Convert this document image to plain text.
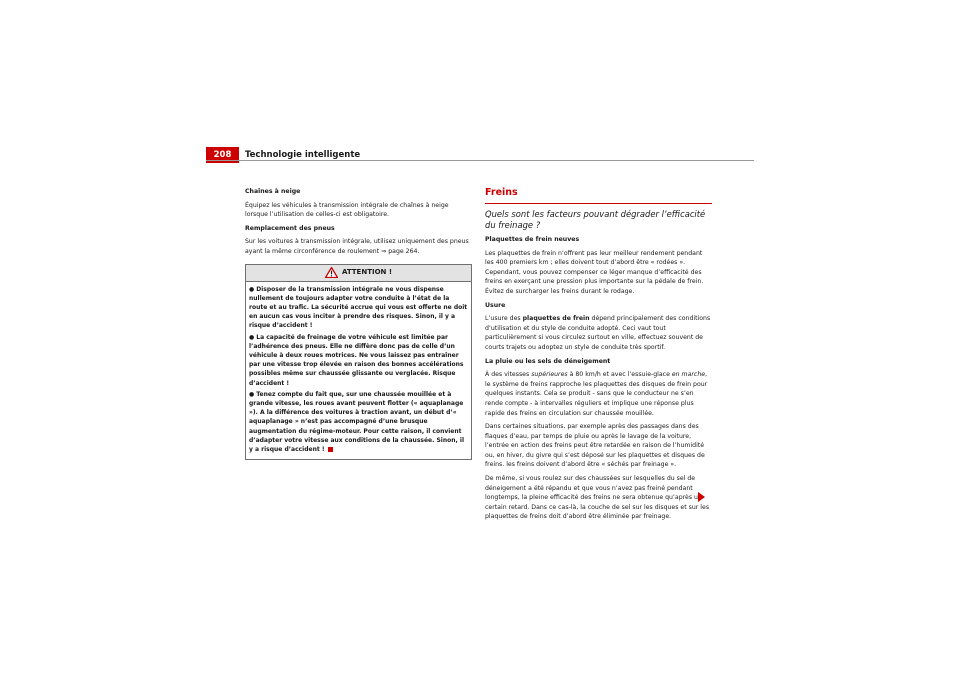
208	Technologie intelligente

Chaînes à neige

Équipez les véhicules à transmission intégrale de chaînes à neige lorsque l’utilisation de celles-ci est obligatoire.

Remplacement des pneus

Sur les voitures à transmission intégrale, utilisez uniquement des pneus ayant la même circonférence de roulement ⇒ page 264.

ATTENTION !

● Disposer de la transmission intégrale ne vous dispense nullement de toujours adapter votre conduite à l’état de la route et au trafic. La sécurité accrue qui vous est offerte ne doit en aucun cas vous inciter à prendre des risques. Sinon, il y a risque d’accident !

● La capacité de freinage de votre véhicule est limitée par l’adhérence des pneus. Elle ne diffère donc pas de celle d’un véhicule à deux roues motrices. Ne vous laissez pas entraîner par une vitesse trop élevée en raison des bonnes accélérations possibles même sur chaussée glissante ou verglacée. Risque d’accident !

● Tenez compte du fait que, sur une chaussée mouillée et à grande vitesse, les roues avant peuvent flotter (« aquaplanage »). A la différence des voitures à traction avant, un début d’« aquaplanage » n’est pas accompagné d’une brusque augmentation du régime-moteur. Pour cette raison, il convient d’adapter votre vitesse aux conditions de la chaussée. Sinon, il y a risque d’accident !

Freins

Quels sont les facteurs pouvant dégrader l’efficacité du freinage ?

Plaquettes de frein neuves

Les plaquettes de frein n’offrent pas leur meilleur rendement pendant les 400 premiers km ; elles doivent tout d’abord être « rodées ». Cependant, vous pouvez compenser ce léger manque d’efficacité des freins en exerçant une pression plus importante sur la pédale de frein. Évitez de surcharger les freins durant le rodage.

Usure

L’usure des plaquettes de frein dépend principalement des conditions d’utilisation et du style de conduite adopté. Ceci vaut tout particulièrement si vous circulez surtout en ville, effectuez souvent de courts trajets ou adoptez un style de conduite très sportif.

La pluie ou les sels de déneigement

À des vitesses supérieures à 80 km/h et avec l’essuie-glace en marche, le système de freins rapproche les plaquettes des disques de frein pour quelques instants. Cela se produit - sans que le conducteur ne s’en rende compte - à intervalles réguliers et implique une réponse plus rapide des freins en circulation sur chaussée mouillée.

Dans certaines situations, par exemple après des passages dans des flaques d’eau, par temps de pluie ou après le lavage de la voiture, l’entrée en action des freins peut être retardée en raison de l’humidité ou, en hiver, du givre qui s’est déposé sur les plaquettes et disques de freins. les freins doivent d’abord être « séchés par freinage ».

De même, si vous roulez sur des chaussées sur lesquelles du sel de déneigement a été répandu et que vous n’avez pas freiné pendant longtemps, la pleine efficacité des freins ne sera obtenue qu’après un certain retard. Dans ce cas-là, la couche de sel sur les disques et sur les plaquettes de freins doit d’abord être éliminée par freinage.
